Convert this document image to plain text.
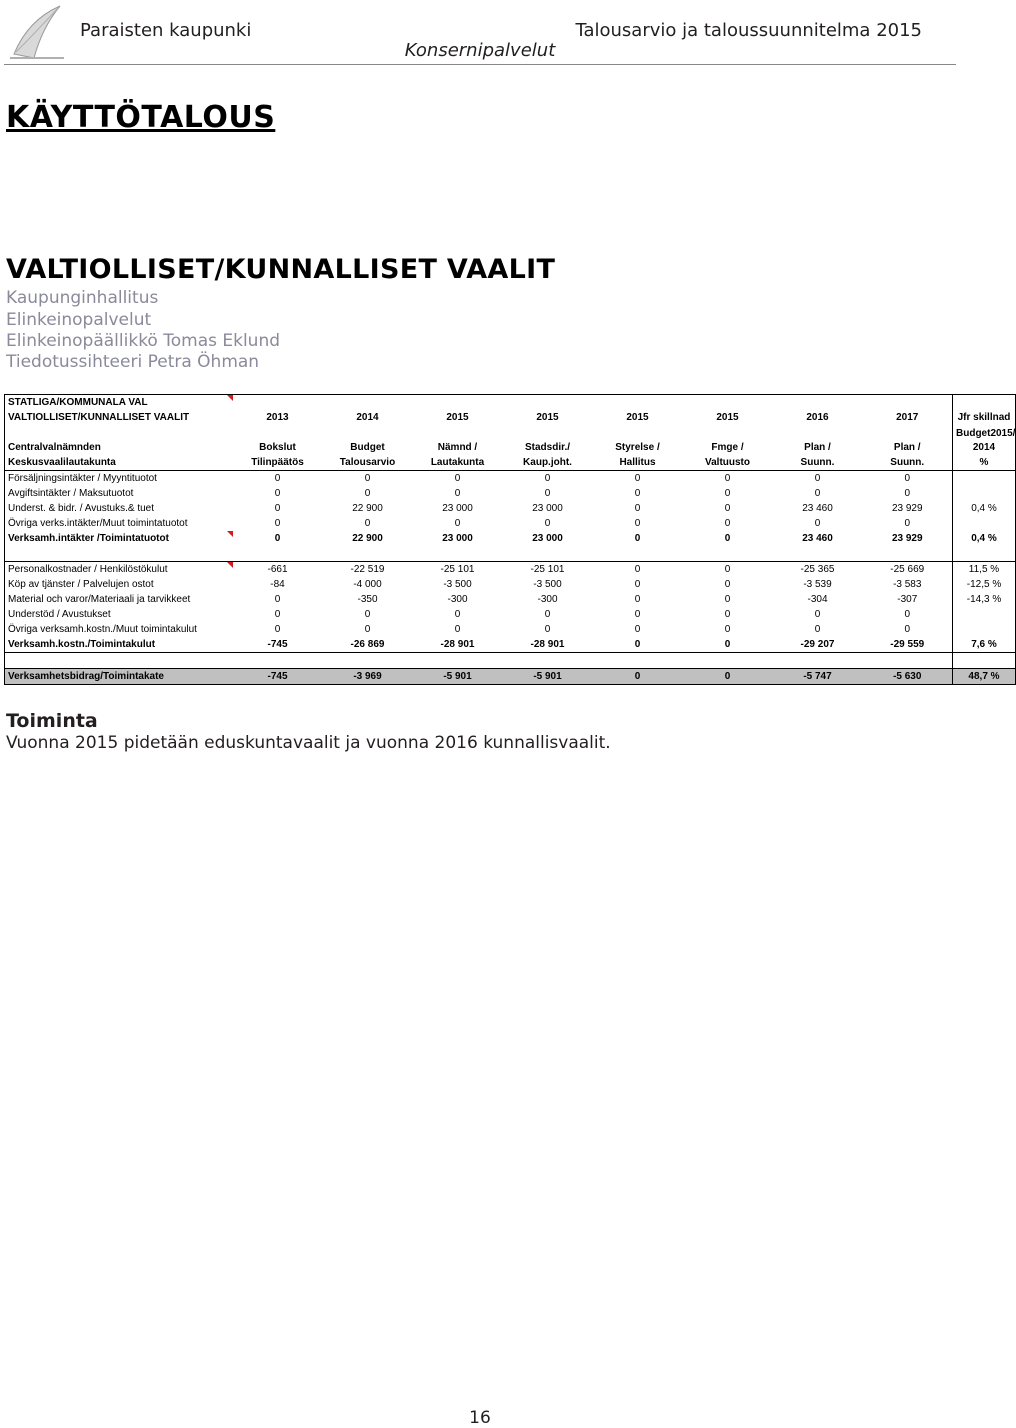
Paraisten kaupunki	Talousarvio ja taloussuunnitelma 2015
Konsernipalvelut
KÄYTTÖTALOUS
VALTIOLLISET/KUNNALLISET VAALIT
Kaupunginhallitus
Elinkeinopalvelut
Elinkeinopäällikkö Tomas Eklund
Tiedotussihteeri Petra Öhman
STATLIGA/KOMMUNALA VAL									
VALTIOLLISET/KUNNALLISET VAALIT	2013	2014	2015	2015	2015	2015	2016	2017	Jfr skillnad
Centralvalnämnden	Bokslut	Budget	Nämnd /	Stadsdir./	Styrelse /	Fmge /	Plan /	Plan /	Budget2015/ 2014
Keskusvaalilautakunta	Tilinpäätös	Talousarvio	Lautakunta	Kaup.joht.	Hallitus	Valtuusto	Suunn.	Suunn.	%
Försäljningsintäkter / Myyntituotot	0	0	0	0	0	0	0	0	
Avgiftsintäkter / Maksutuotot	0	0	0	0	0	0	0	0	
Underst. & bidr. / Avustuks.& tuet	0	22 900	23 000	23 000	0	0	23 460	23 929	0,4 %
Övriga verks.intäkter/Muut toimintatuotot	0	0	0	0	0	0	0	0	
Verksamh.intäkter /Toimintatuotot	0	22 900	23 000	23 000	0	0	23 460	23 929	0,4 %

Personalkostnader / Henkilöstökulut	-661	-22 519	-25 101	-25 101	0	0	-25 365	-25 669	11,5 %
Köp av tjänster / Palvelujen ostot	-84	-4 000	-3 500	-3 500	0	0	-3 539	-3 583	-12,5 %
Material och varor/Materiaali ja tarvikkeet	0	-350	-300	-300	0	0	-304	-307	-14,3 %
Understöd / Avustukset	0	0	0	0	0	0	0	0	
Övriga verksamh.kostn./Muut toimintakulut	0	0	0	0	0	0	0	0	
Verksamh.kostn./Toimintakulut	-745	-26 869	-28 901	-28 901	0	0	-29 207	-29 559	7,6 %

Verksamhetsbidrag/Toimintakate	-745	-3 969	-5 901	-5 901	0	0	-5 747	-5 630	48,7 %
Toiminta
Vuonna 2015 pidetään eduskuntavaalit ja vuonna 2016 kunnallisvaalit.
16
